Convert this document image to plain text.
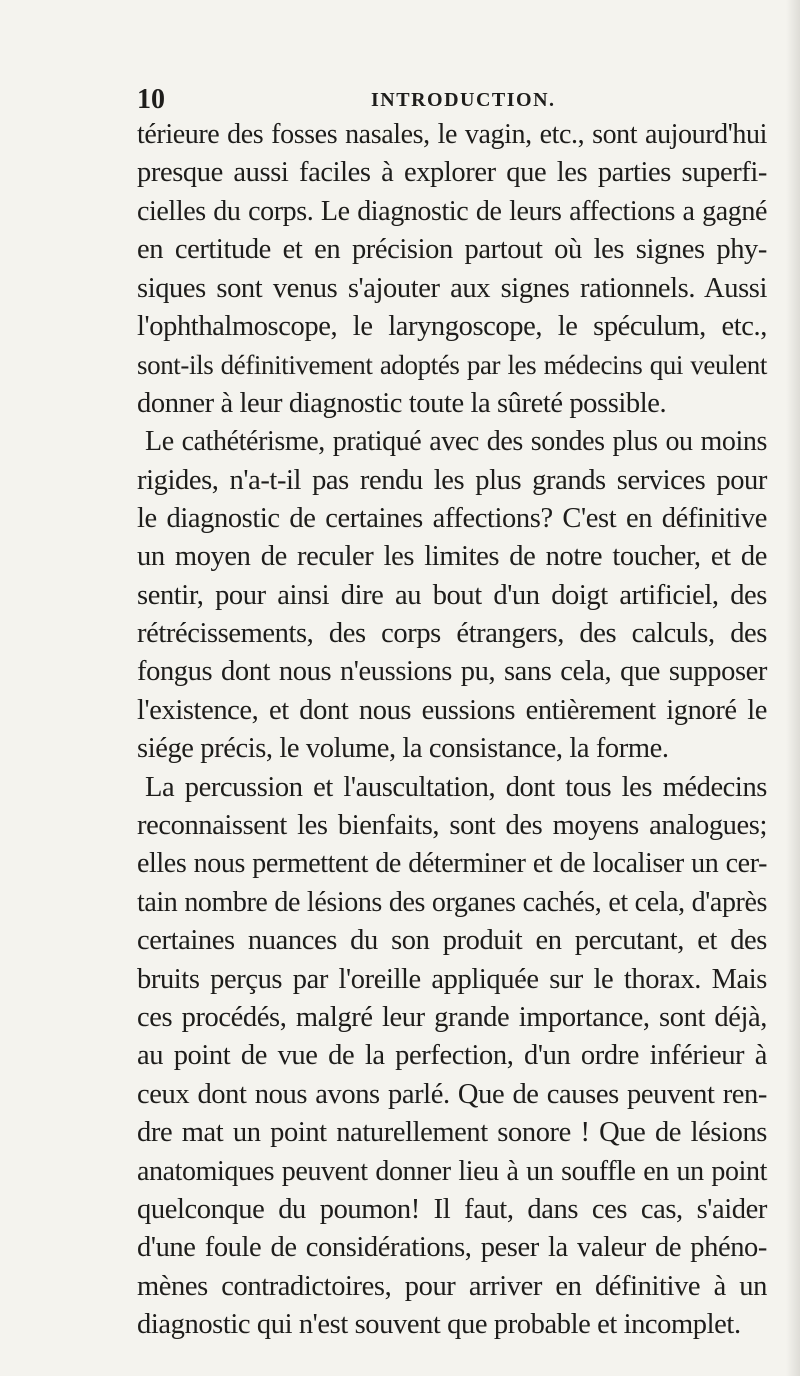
10	INTRODUCTION.
térieure des fosses nasales, le vagin, etc., sont aujourd'hui
presque aussi faciles à explorer que les parties superfi-
cielles du corps. Le diagnostic de leurs affections a gagné
en certitude et en précision partout où les signes phy-
siques sont venus s'ajouter aux signes rationnels. Aussi
l'ophthalmoscope, le laryngoscope, le spéculum, etc.,
sont-ils définitivement adoptés par les médecins qui veulent
donner à leur diagnostic toute la sûreté possible.
Le cathétérisme, pratiqué avec des sondes plus ou moins
rigides, n'a-t-il pas rendu les plus grands services pour
le diagnostic de certaines affections? C'est en définitive
un moyen de reculer les limites de notre toucher, et de
sentir, pour ainsi dire au bout d'un doigt artificiel, des
rétrécissements, des corps étrangers, des calculs, des
fongus dont nous n'eussions pu, sans cela, que supposer
l'existence, et dont nous eussions entièrement ignoré le
siége précis, le volume, la consistance, la forme.
La percussion et l'auscultation, dont tous les médecins
reconnaissent les bienfaits, sont des moyens analogues;
elles nous permettent de déterminer et de localiser un cer-
tain nombre de lésions des organes cachés, et cela, d'après
certaines nuances du son produit en percutant, et des
bruits perçus par l'oreille appliquée sur le thorax. Mais
ces procédés, malgré leur grande importance, sont déjà,
au point de vue de la perfection, d'un ordre inférieur à
ceux dont nous avons parlé. Que de causes peuvent ren-
dre mat un point naturellement sonore ! Que de lésions
anatomiques peuvent donner lieu à un souffle en un point
quelconque du poumon! Il faut, dans ces cas, s'aider
d'une foule de considérations, peser la valeur de phéno-
mènes contradictoires, pour arriver en définitive à un
diagnostic qui n'est souvent que probable et incomplet.
